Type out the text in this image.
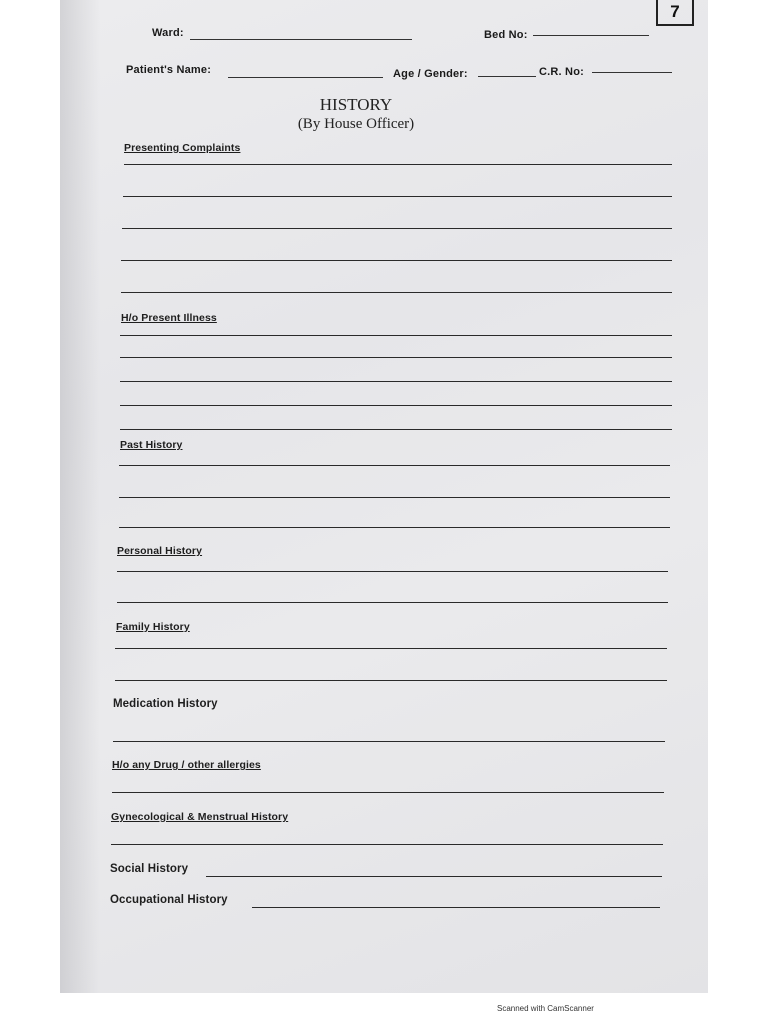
7
Ward:	Bed No:
Patient's Name:	Age / Gender:	C.R. No:
HISTORY
(By House Officer)
Presenting Complaints
H/o Present Illness
Past History
Personal History
Family History
Medication History
H/o any Drug / other allergies
Gynecological & Menstrual History
Social History
Occupational History
Scanned with CamScanner
